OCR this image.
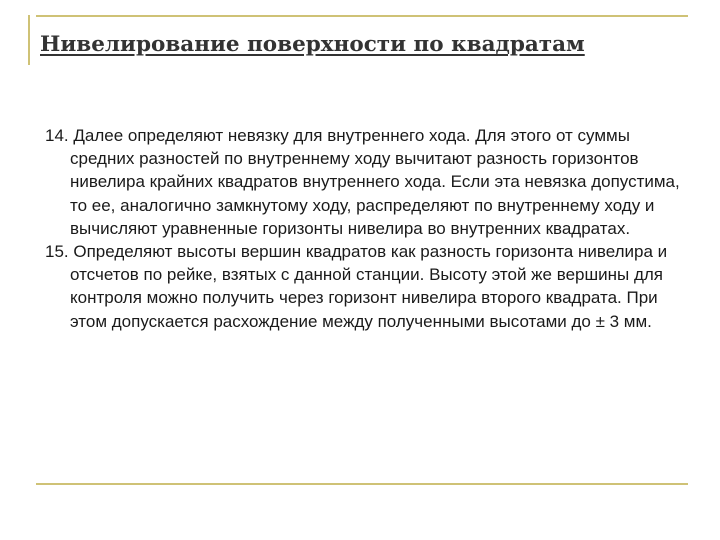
Нивелирование поверхности по квадратам

14. Далее определяют невязку для внутреннего хода. Для этого от суммы средних разностей по внутреннему ходу вычитают разность горизонтов нивелира крайних квадратов внутреннего хода. Если эта невязка допустима, то ее, аналогично замкнутому ходу, распределяют по внутреннему ходу и вычисляют уравненные горизонты нивелира во внутренних квадратах.

15. Определяют высоты вершин квадратов как разность горизонта нивелира и отсчетов по рейке, взятых с данной станции. Высоту этой же вершины для контроля можно получить через горизонт нивелира второго квадрата. При этом допускается расхождение между полученными высотами до ± 3 мм.
